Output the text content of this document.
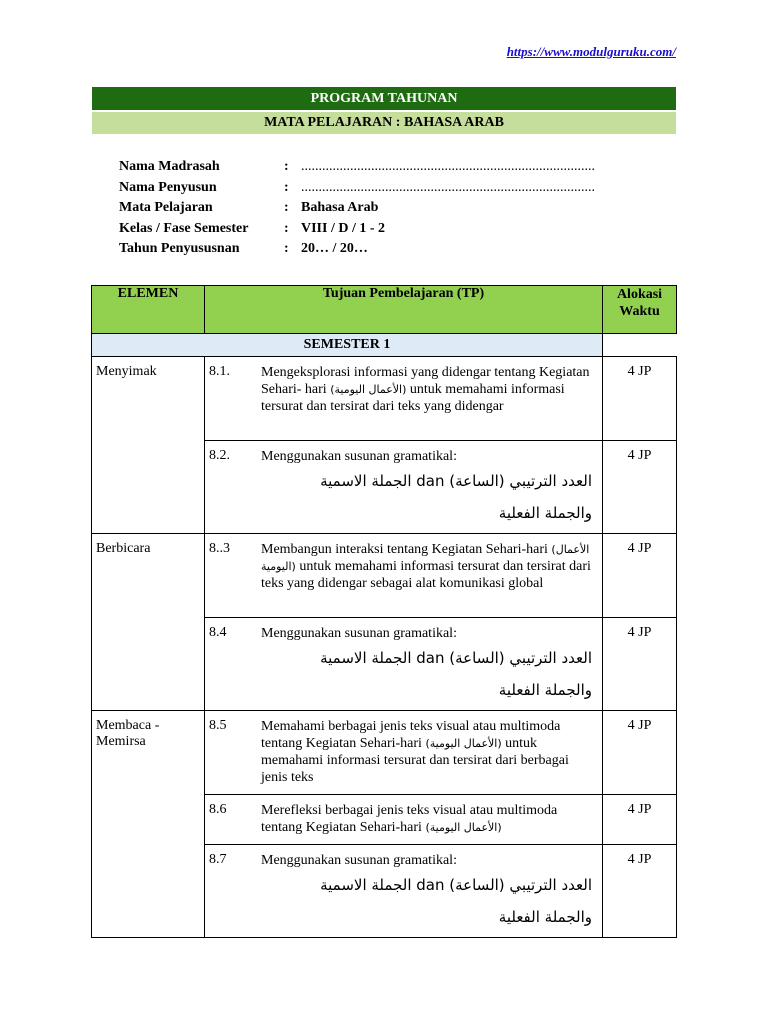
https://www.modulguruku.com/
PROGRAM TAHUNAN
MATA PELAJARAN : BAHASA ARAB
Nama Madrasah	: ....................................................................................
Nama Penyusun	: ....................................................................................
Mata Pelajaran	: Bahasa Arab
Kelas / Fase Semester	: VIII / D / 1 - 2
Tahun Penyususnan	: 20… / 20…
ELEMEN	Tujuan Pembelajaran (TP)		Alokasi
Waktu
SEMESTER 1			
Menyimak	8.1.	Mengeksplorasi informasi yang didengar tentang Kegiatan Sehari- hari (الأعمال اليومية) untuk memahami informasi tersurat dan tersirat dari teks yang didengar	4 JP
	8.2.	Menggunakan susunan gramatikal:
العدد الترتيبي (الساعة) dan الجملة الاسمية
والجملة الفعلية	4 JP
Berbicara	8..3	Membangun interaksi tentang Kegiatan Sehari-hari (الأعمال اليومية) untuk memahami informasi tersurat dan tersirat dari teks yang didengar sebagai alat komunikasi global	4 JP
	8.4	Menggunakan susunan gramatikal:
العدد الترتيبي (الساعة) dan الجملة الاسمية
والجملة الفعلية	4 JP
Membaca - Memirsa	8.5	Memahami berbagai jenis teks visual atau multimoda tentang Kegiatan Sehari-hari (الأعمال اليومية) untuk memahami informasi tersurat dan tersirat dari berbagai jenis teks	4 JP
	8.6	Merefleksi berbagai jenis teks visual atau multimoda tentang Kegiatan Sehari-hari (الأعمال اليومية)	4 JP
	8.7	Menggunakan susunan gramatikal:
العدد الترتيبي (الساعة) dan الجملة الاسمية
والجملة الفعلية	4 JP
